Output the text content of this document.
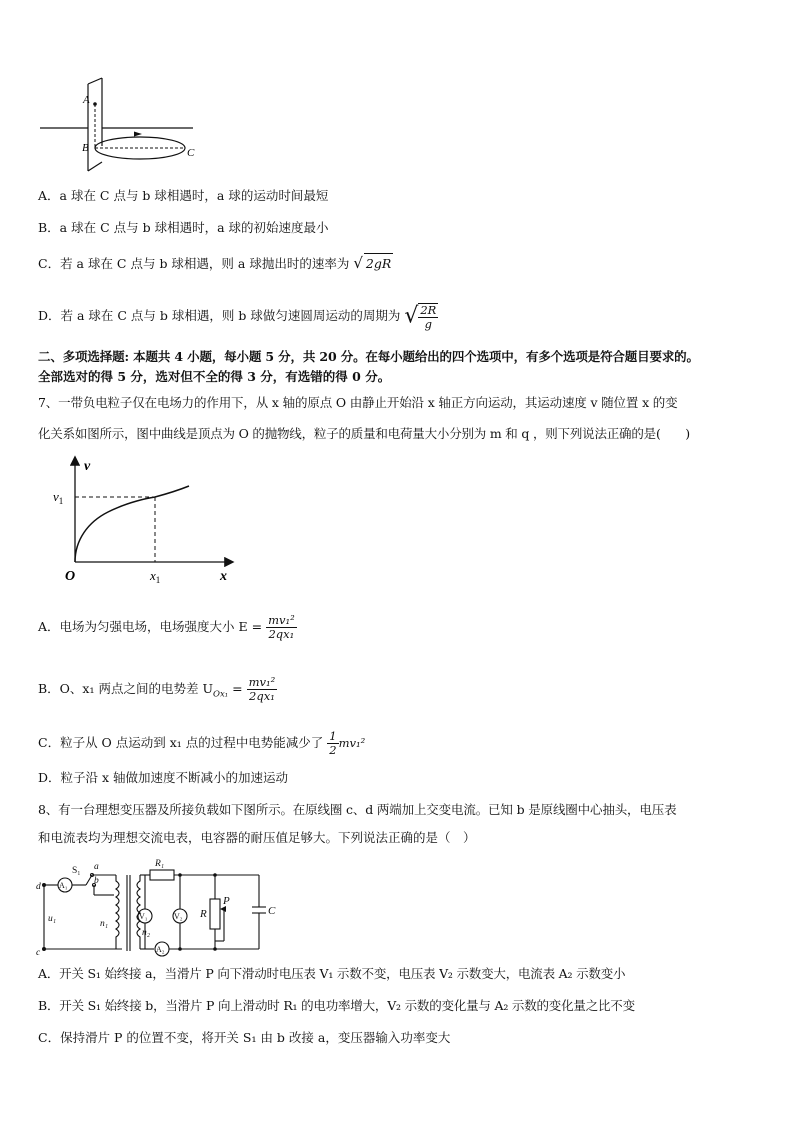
A
B	C
A．a 球在 C 点与 b 球相遇时，a 球的运动时间最短
B．a 球在 C 点与 b 球相遇时，a 球的初始速度最小
C．若 a 球在 C 点与 b 球相遇，则 a 球抛出时的速率为 √ 2gR
D．若 a 球在 C 点与 b 球相遇，则 b 球做匀速圆周运动的周期为 √ $\frac{2R}{g}$
二、多项选择题: 本题共 4 小题，每小题 5 分，共 20 分。在每小题给出的四个选项中，有多个选项是符合题目要求的。
全部选对的得 5 分，选对但不全的得 3 分，有选错的得 0 分。
7、一带负电粒子仅在电场力的作用下，从 x 轴的原点 O 由静止开始沿 x 轴正方向运动，其运动速度 v 随位置 x 的变
化关系如图所示，图中曲线是顶点为 O 的抛物线，粒子的质量和电荷量大小分别为 m 和 q ，则下列说法正确的是(　　)
v
x
O
$v_1$
$x_1$
A．电场为匀强电场，电场强度大小 $E = \frac{\text{mv₁²}}{\text{2qx₁}}$
B．O、x₁ 两点之间的电势差 $U_{Ox_1} = \frac{\text{mv₁²}}{\text{2qx₁}}$
C．粒子从 O 点运动到 x₁ 点的过程中电势能减少了 $\frac{1}{2} mv_1^2$
D．粒子沿 x 轴做加速度不断减小的加速运动
8、有一台理想变压器及所接负载如下图所示。在原线圈 c、d 两端加上交变电流。已知 b 是原线圈中心抽头，电压表
和电流表均为理想交流电表，电容器的耐压值足够大。下列说法正确的是（　）
d
c
A₁
S₁ a
b
u₁	n₁
n₂
R₁
V₁	V₂ R
P
C
A₂
A．开关 S₁ 始终接 a，当滑片 P 向下滑动时电压表 V₁ 示数不变，电压表 V₂ 示数变大，电流表 A₂ 示数变小
B．开关 S₁ 始终接 b，当滑片 P 向上滑动时 R₁ 的电功率增大，V₂ 示数的变化量与 A₂ 示数的变化量之比不变
C．保持滑片 P 的位置不变，将开关 S₁ 由 b 改接 a，变压器输入功率变大
